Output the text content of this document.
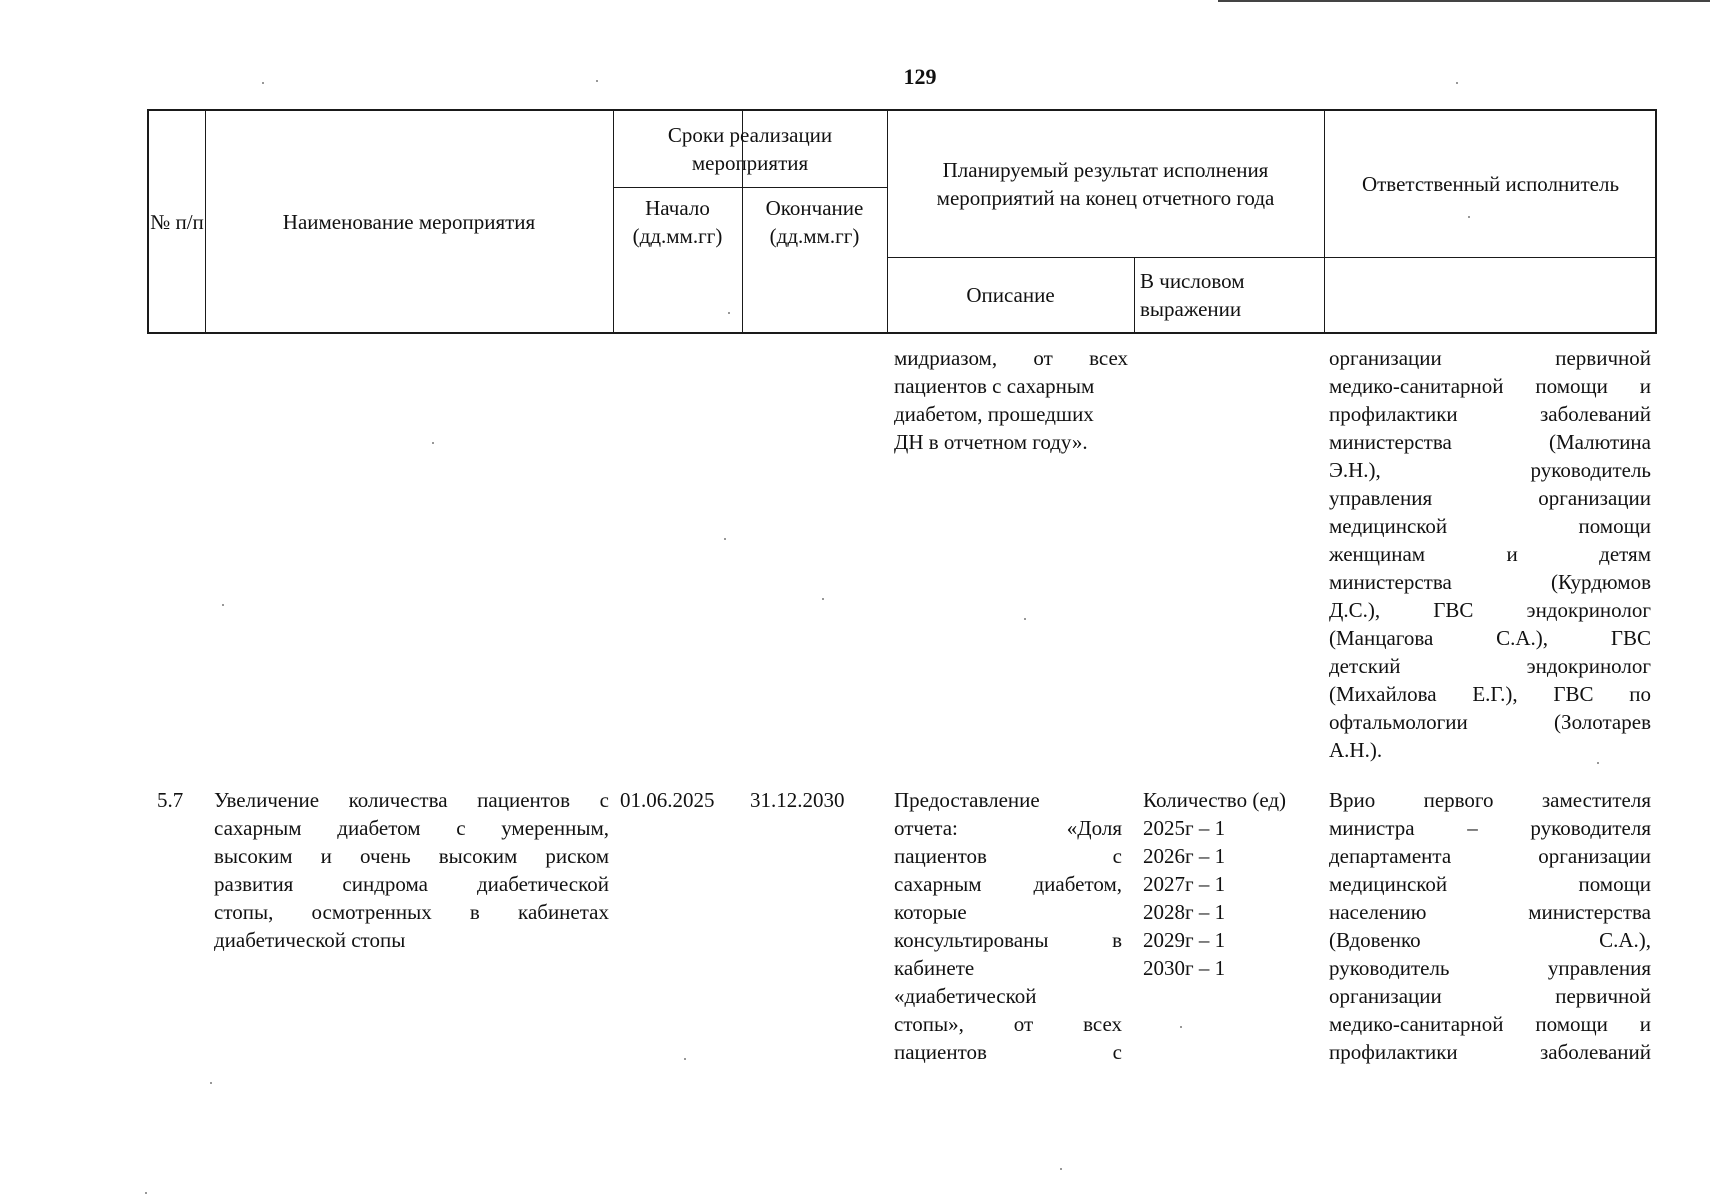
129
№ п/п	Наименование мероприятия
Сроки реализации мероприятия
Начало (дд.мм.гг)
Окончание (дд.мм.гг)
Планируемый результат исполнения мероприятий на конец отчетного года
Описание
В числовом выражении
Ответственный исполнитель
мидриазом, от всех
пациентов с сахарным
диабетом, прошедших
ДН в отчетном году».
организации первичной
медико-санитарной помощи и
профилактики заболеваний
министерства (Малютина
Э.Н.), руководитель
управления организации
медицинской помощи
женщинам и детям
министерства (Курдюмов
Д.С.), ГВС эндокринолог
(Манцагова С.А.), ГВС
детский эндокринолог
(Михайлова Е.Г.), ГВС по
офтальмологии (Золотарев
А.Н.).
5.7	Увеличение количества пациентов с
сахарным диабетом с умеренным,
высоким и очень высоким риском
развития синдрома диабетической
стопы, осмотренных в кабинетах
диабетической стопы
01.06.2025 31.12.2030 Предоставление
отчета: «Доля
пациентов с
сахарным диабетом,
которые
консультированы в
кабинете
«диабетической
стопы», от всех
пациентов с
Количество (ед)
2025г – 1
2026г – 1
2027г – 1
2028г – 1
2029г – 1
2030г – 1
Врио первого заместителя
министра – руководителя
департамента организации
медицинской помощи
населению министерства
(Вдовенко С.А.),
руководитель управления
организации первичной
медико-санитарной помощи и
профилактики заболеваний
